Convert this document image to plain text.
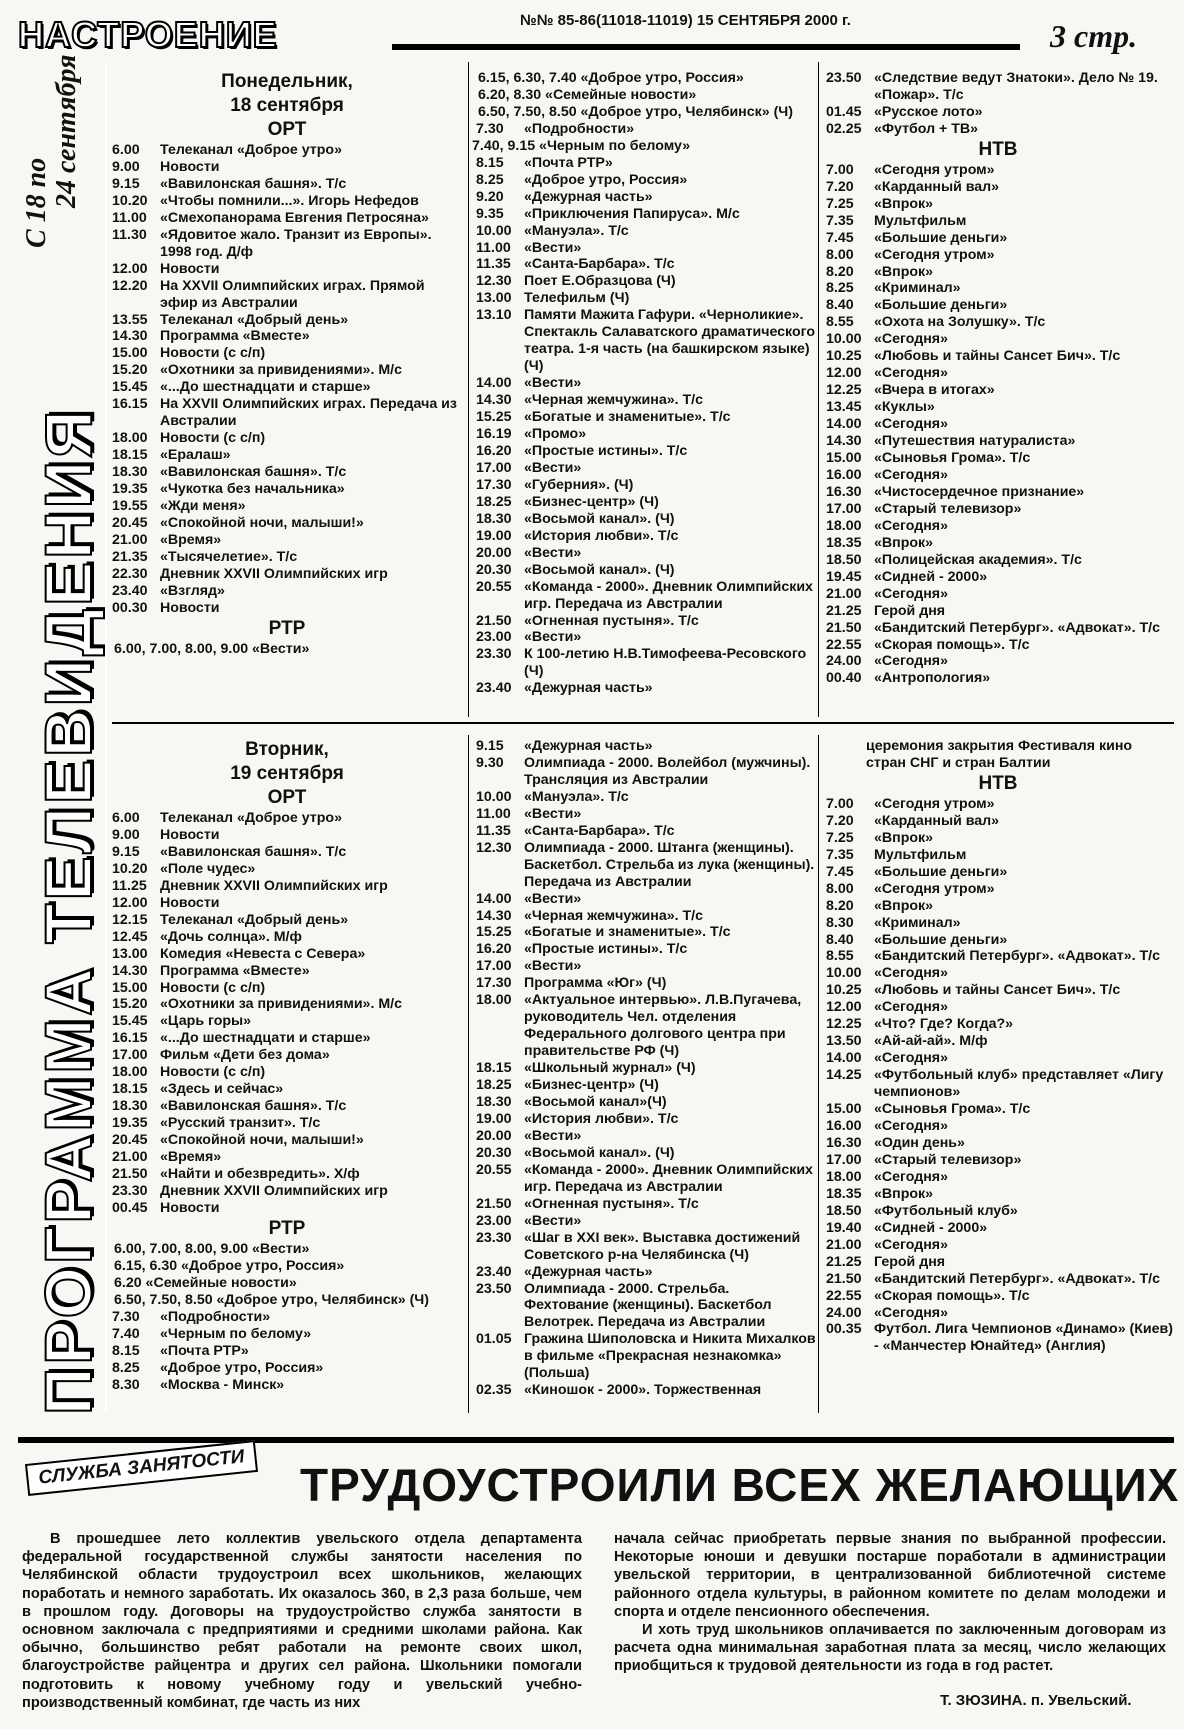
НАСТРОЕНИЕ	№№ 85-86(11018-11019) 15 СЕНТЯБРЯ 2000 г.	3 стр.
ПРОГРАММА ТЕЛЕВИДЕНИЯ
С 18 по 24 сентября	Понедельник,
18 сентября
ОРТ
6.00	Телеканал «Доброе утро»
9.00	Новости
9.15	«Вавилонская башня». Т/с
10.20 «Чтобы помнили...». Игорь Нефедов
11.00 «Смехопанорама Евгения Петросяна»
11.30 «Ядовитое жало. Транзит из Европы». 1998 год. Д/ф
12.00 Новости
12.20 На XXVII Олимпийских играх. Прямой эфир из Австралии
13.55 Телеканал «Добрый день»
14.30 Программа «Вместе»
15.00 Новости (с с/п)
15.20 «Охотники за привидениями». М/с
15.45 «...До шестнадцати и старше»
16.15 На XXVII Олимпийских играх. Передача из Австралии
18.00 Новости (с с/п)
18.15 «Ералаш»
18.30 «Вавилонская башня». Т/с
19.35 «Чукотка без начальника»
19.55 «Жди меня»
20.45 «Спокойной ночи, малыши!»
21.00 «Время»
21.35 «Тысячелетие». Т/с
22.30 Дневник XXVII Олимпийских игр
23.40 «Взгляд»
00.30 Новости
РТР
6.00, 7.00, 8.00, 9.00 «Вести»
6.15, 6.30, 7.40 «Доброе утро, Россия»
6.20, 8.30 «Семейные новости»
6.50, 7.50, 8.50 «Доброе утро, Челябинск» (Ч)
7.30	«Подробности»
7.40, 9.15 «Черным по белому»
8.15	«Почта РТР»
8.25	«Доброе утро, Россия»
9.20	«Дежурная часть»
9.35	«Приключения Папируса». М/с
10.00 «Мануэла». Т/с
11.00 «Вести»
11.35 «Санта-Барбара». Т/с
12.30 Поет Е.Образцова (Ч)
13.00 Телефильм (Ч)
13.10 Памяти Мажита Гафури. «Черноликие». Спектакль Салаватского драматического театра. 1-я часть (на башкирском языке) (Ч)
14.00 «Вести»
14.30 «Черная жемчужина». Т/с
15.25 «Богатые и знаменитые». Т/с
16.19 «Промо»
16.20 «Простые истины». Т/с
17.00 «Вести»
17.30 «Губерния». (Ч)
18.25 «Бизнес-центр» (Ч)
18.30 «Восьмой канал». (Ч)
19.00 «История любви». Т/с
20.00 «Вести»
20.30 «Восьмой канал». (Ч)
20.55 «Команда - 2000». Дневник Олимпийских игр. Передача из Австралии
21.50 «Огненная пустыня». Т/с
23.00 «Вести»
23.30 К 100-летию Н.В.Тимофеева-Ресовского (Ч)
23.40 «Дежурная часть»
23.50 «Следствие ведут Знатоки». Дело № 19. «Пожар». Т/с
01.45 «Русское лото»
02.25 «Футбол + ТВ»
НТВ
7.00	«Сегодня утром»
7.20	«Карданный вал»
7.25	«Впрок»
7.35	Мультфильм
7.45	«Большие деньги»
8.00	«Сегодня утром»
8.20	«Впрок»
8.25	«Криминал»
8.40	«Большие деньги»
8.55	«Охота на Золушку». Т/с
10.00 «Сегодня»
10.25 «Любовь и тайны Сансет Бич». Т/с
12.00 «Сегодня»
12.25 «Вчера в итогах»
13.45 «Куклы»
14.00 «Сегодня»
14.30 «Путешествия натуралиста»
15.00 «Сыновья Грома». Т/с
16.00 «Сегодня»
16.30 «Чистосердечное признание»
17.00 «Старый телевизор»
18.00 «Сегодня»
18.35 «Впрок»
18.50 «Полицейская академия». Т/с
19.45 «Сидней - 2000»
21.00 «Сегодня»
21.25 Герой дня
21.50 «Бандитский Петербург». «Адвокат». Т/с
22.55 «Скорая помощь». Т/с
24.00 «Сегодня»
00.40 «Антропология»
Вторник,
19 сентября
ОРТ
6.00	Телеканал «Доброе утро»
9.00	Новости
9.15	«Вавилонская башня». Т/с
10.20 «Поле чудес»
11.25 Дневник XXVII Олимпийских игр
12.00 Новости
12.15 Телеканал «Добрый день»
12.45 «Дочь солнца». М/ф
13.00 Комедия «Невеста с Севера»
14.30 Программа «Вместе»
15.00 Новости (с с/п)
15.20 «Охотники за привидениями». М/с
15.45 «Царь горы»
16.15 «...До шестнадцати и старше»
17.00 Фильм «Дети без дома»
18.00 Новости (с с/п)
18.15 «Здесь и сейчас»
18.30 «Вавилонская башня». Т/с
19.35 «Русский транзит». Т/с
20.45 «Спокойной ночи, малыши!»
21.00 «Время»
21.50 «Найти и обезвредить». Х/ф
23.30 Дневник XXVII Олимпийских игр
00.45 Новости
РТР
6.00, 7.00, 8.00, 9.00 «Вести»
6.15, 6.30 «Доброе утро, Россия»
6.20 «Семейные новости»
6.50, 7.50, 8.50 «Доброе утро, Челябинск» (Ч)
7.30	«Подробности»
7.40	«Черным по белому»
8.15	«Почта РТР»
8.25	«Доброе утро, Россия»
8.30	«Москва - Минск»
9.15	«Дежурная часть»
9.30	Олимпиада - 2000. Волейбол (мужчины). Трансляция из Австралии
10.00 «Мануэла». Т/с
11.00 «Вести»
11.35 «Санта-Барбара». Т/с
12.30 Олимпиада - 2000. Штанга (женщины). Баскетбол. Стрельба из лука (женщины). Передача из Австралии
14.00 «Вести»
14.30 «Черная жемчужина». Т/с
15.25 «Богатые и знаменитые». Т/с
16.20 «Простые истины». Т/с
17.00 «Вести»
17.30 Программа «Юг» (Ч)
18.00 «Актуальное интервью». Л.В.Пугачева, руководитель Чел. отделения Федерального долгового центра при правительстве РФ (Ч)
18.15 «Школьный журнал» (Ч)
18.25 «Бизнес-центр» (Ч)
18.30 «Восьмой канал»(Ч)
19.00 «История любви». Т/с
20.00 «Вести»
20.30 «Восьмой канал». (Ч)
20.55 «Команда - 2000». Дневник Олимпийских игр. Передача из Австралии
21.50 «Огненная пустыня». Т/с
23.00 «Вести»
23.30 «Шаг в XXI век». Выставка достижений Советского р-на Челябинска (Ч)
23.40 «Дежурная часть»
23.50 Олимпиада - 2000. Стрельба. Фехтование (женщины). Баскетбол Велотрек. Передача из Австралии
01.05 Гражина Шиполовска и Никита Михалков в фильме «Прекрасная незнакомка» (Польша)
02.35 «Киношок - 2000». Торжественная
церемония закрытия Фестиваля кино стран СНГ и стран Балтии
НТВ
7.00	«Сегодня утром»
7.20	«Карданный вал»
7.25	«Впрок»
7.35	Мультфильм
7.45	«Большие деньги»
8.00	«Сегодня утром»
8.20	«Впрок»
8.30	«Криминал»
8.40	«Большие деньги»
8.55	«Бандитский Петербург». «Адвокат». Т/с
10.00 «Сегодня»
10.25 «Любовь и тайны Сансет Бич». Т/с
12.00 «Сегодня»
12.25 «Что? Где? Когда?»
13.50 «Ай-ай-ай». М/ф
14.00 «Сегодня»
14.25 «Футбольный клуб» представляет «Лигу чемпионов»
15.00 «Сыновья Грома». Т/с
16.00 «Сегодня»
16.30 «Один день»
17.00 «Старый телевизор»
18.00 «Сегодня»
18.35 «Впрок»
18.50 «Футбольный клуб»
19.40 «Сидней - 2000»
21.00 «Сегодня»
21.25 Герой дня
21.50 «Бандитский Петербург». «Адвокат». Т/с
22.55 «Скорая помощь». Т/с
24.00 «Сегодня»
00.35 Футбол. Лига Чемпионов «Динамо» (Киев) - «Манчестер Юнайтед» (Англия)
СЛУЖБА ЗАНЯТОСТИ ТРУДОУСТРОИЛИ ВСЕХ ЖЕЛАЮЩИХ

В прошедшее лето коллектив увельского отдела департамента федеральной государственной службы занятости населения по Челябинской области трудоустроил всех школьников, желающих поработать и немного заработать. Их оказалось 360, в 2,3 раза больше, чем в прошлом году. Договоры на трудоустройство служба занятости в основном заключала с предприятиями и средними школами района. Как обычно, большинство ребят работали на ремонте своих школ, благоустройстве райцентра и других сел района. Школьники помогали подготовить к новому учебному году и увельский учебно-производственный комбинат, где часть из них

начала сейчас приобретать первые знания по выбранной профессии. Некоторые юноши и девушки постарше поработали в администрации увельской территории, в централизованной библиотечной системе районного отдела культуры, в районном комитете по делам молодежи и спорта и отделе пенсионного обеспечения.

И хоть труд школьников оплачивается по заключенным договорам из расчета одна минимальная заработная плата за месяц, число желающих приобщиться к трудовой деятельности из года в год растет.

Т. ЗЮЗИНА. п. Увельский.
